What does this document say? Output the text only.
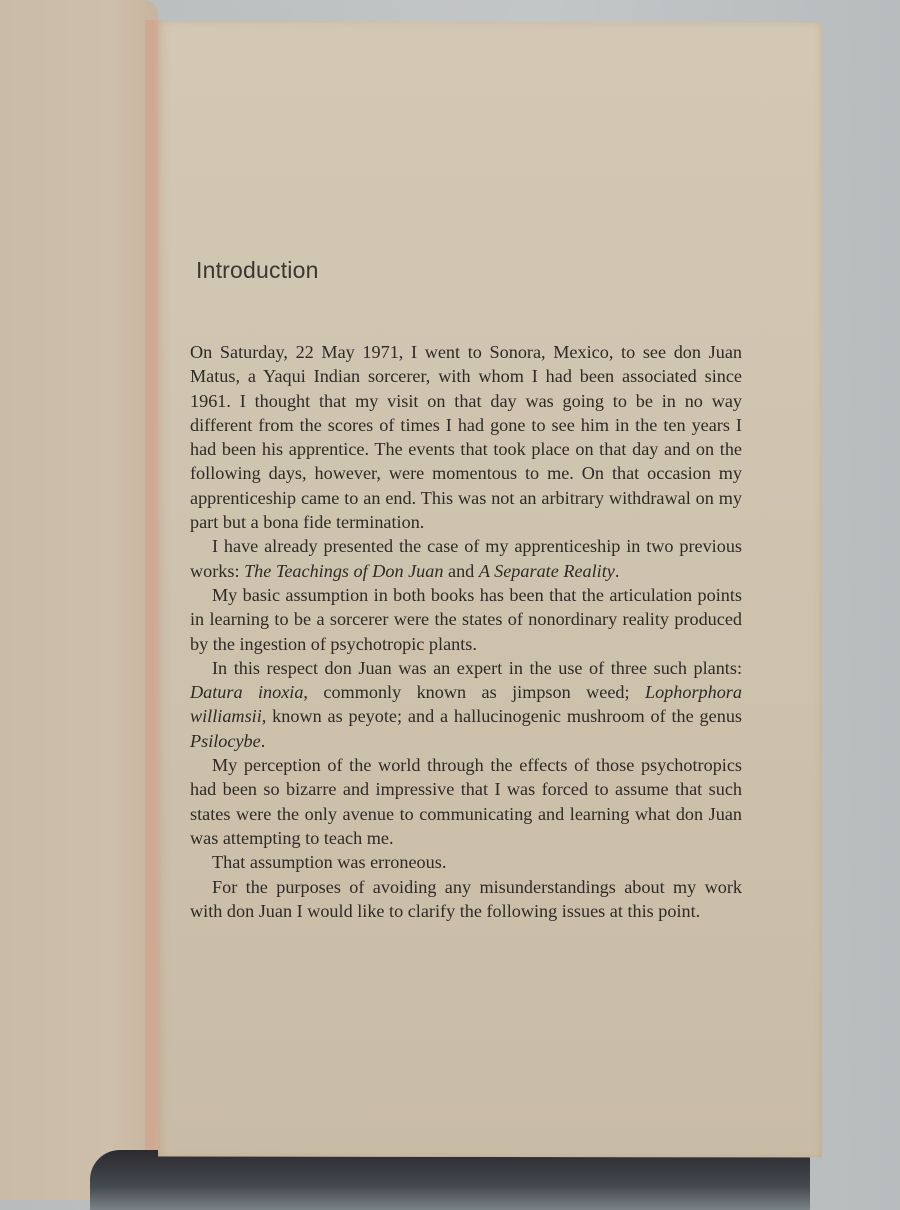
Introduction

On Saturday, 22 May 1971, I went to Sonora, Mexico, to see don Juan Matus, a Yaqui Indian sorcerer, with whom I had been associated since 1961. I thought that my visit on that day was going to be in no way different from the scores of times I had gone to see him in the ten years I had been his apprentice. The events that took place on that day and on the following days, however, were momentous to me. On that occasion my apprenticeship came to an end. This was not an arbitrary withdrawal on my part but a bona fide termination.

I have already presented the case of my apprenticeship in two previous works: The Teachings of Don Juan and A Separate Reality.

My basic assumption in both books has been that the articulation points in learning to be a sorcerer were the states of nonordinary reality produced by the ingestion of psychotropic plants.

In this respect don Juan was an expert in the use of three such plants: Datura inoxia, commonly known as jimpson weed; Lophorphora williamsii, known as peyote; and a hallucinogenic mushroom of the genus Psilocybe.

My perception of the world through the effects of those psychotropics had been so bizarre and impressive that I was forced to assume that such states were the only avenue to communicating and learning what don Juan was attempting to teach me.

That assumption was erroneous.

For the purposes of avoiding any misunderstandings about my work with don Juan I would like to clarify the following issues at this point.
